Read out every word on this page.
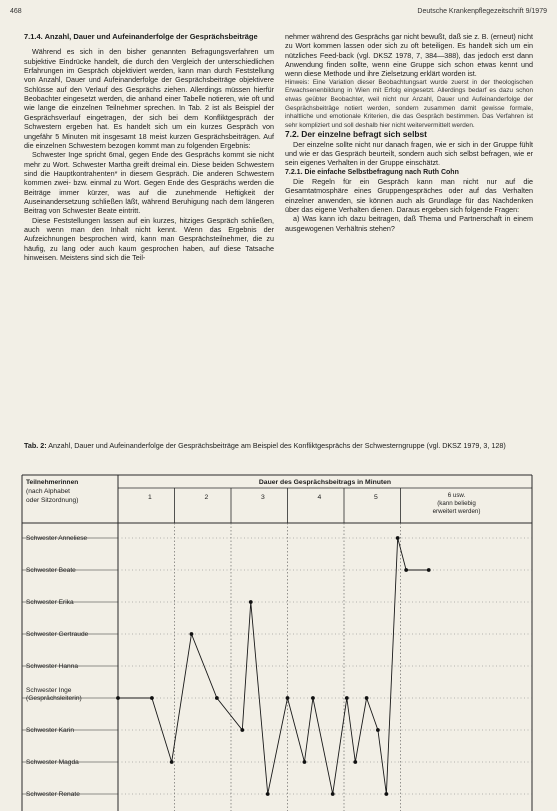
468	Deutsche Krankenpflegezeitschrift 9/1979

7.1.4. Anzahl, Dauer und Aufeinanderfolge der Gesprächsbeiträge

Während es sich in den bisher genannten Befragungsverfahren um subjektive Eindrücke handelt, die durch den Vergleich der unterschiedlichen Erfahrungen im Gespräch objektiviert werden, kann man durch Feststellung von Anzahl, Dauer und Aufeinanderfolge der Gesprächsbeiträge objektivere Schlüsse auf den Verlauf des Gesprächs ziehen. Allerdings müssen hierfür Beobachter eingesetzt werden, die anhand einer Tabelle notieren, wie oft und wie lange die einzelnen Teilnehmer sprechen. In Tab. 2 ist als Beispiel der Gesprächsverlauf eingetragen, der sich bei dem Konfliktgespräch der Schwestern ergeben hat. Es handelt sich um ein kurzes Gespräch von ungefähr 5 Minuten mit insgesamt 18 meist kurzen Gesprächsbeiträgen. Auf die einzelnen Schwestern bezogen kommt man zu folgenden Ergebnis:

Schwester Inge spricht 6mal, gegen Ende des Gesprächs kommt sie nicht mehr zu Wort. Schwester Martha greift dreimal ein. Diese beiden Schwestern sind die Hauptkontrahenten* in diesem Gespräch. Die anderen Schwestern kommen zwei- bzw. einmal zu Wort. Gegen Ende des Gesprächs werden die Beiträge immer kürzer, was auf die zunehmende Heftigkeit der Auseinandersetzung schließen läßt, während Beruhigung nach dem längeren Beitrag von Schwester Beate eintritt.

Diese Feststellungen lassen auf ein kurzes, hitziges Gespräch schließen, auch wenn man den Inhalt nicht kennt. Wenn das Ergebnis der Aufzeichnungen besprochen wird, kann man Gesprächsteilnehmer, die zu häufig, zu lang oder auch kaum gesprochen haben, auf diese Tatsache hinweisen. Meistens sind sich die Teil-

nehmer während des Gesprächs gar nicht bewußt, daß sie z. B. (erneut) nicht zu Wort kommen lassen oder sich zu oft beteiligen. Es handelt sich um ein nützliches Feed-back (vgl. DKSZ 1978, 7, 384—388), das jedoch erst dann Anwendung finden sollte, wenn eine Gruppe sich schon etwas kennt und wenn diese Methode und ihre Zielsetzung erklärt worden ist.

Hinweis: Eine Variation dieser Beobachtungsart wurde zuerst in der theologischen Erwachsenenbildung in Wien mit Erfolg eingesetzt. Allerdings bedarf es dazu schon etwas geübter Beobachter, weil nicht nur Anzahl, Dauer und Aufeinanderfolge der Gesprächsbeiträge notiert werden, sondern zusammen damit gewisse formale, inhaltliche und emotionale Kriterien, die das Gespräch bestimmen. Das Verfahren ist sehr kompliziert und soll deshalb hier nicht weitervermittelt werden.

7.2. Der einzelne befragt sich selbst

Der einzelne sollte nicht nur danach fragen, wie er sich in der Gruppe fühlt und wie er das Gespräch beurteilt, sondern auch sich selbst befragen, wie er sein eigenes Verhalten in der Gruppe einschätzt.

7.2.1. Die einfache Selbstbefragung nach Ruth Cohn

Die Regeln für ein Gespräch kann man nicht nur auf die Gesamtatmosphäre eines Gruppengespräches oder auf das Verhalten einzelner anwenden, sie können auch als Grundlage für das Nachdenken über das eigene Verhalten dienen. Daraus ergeben sich folgende Fragen:

a) Was kann ich dazu beitragen, daß Thema und Partnerschaft in einem ausgewogenen Verhältnis stehen?

Tab. 2: Anzahl, Dauer und Aufeinanderfolge der Gesprächsbeiträge am Beispiel des Konfliktgesprächs der Schwesterngruppe (vgl. DKSZ 1979, 3, 128)
Teilnehmerinnen
(nach Alphabet
oder Sitzordnung)
Dauer des Gesprächsbeitrags in Minuten
1	2	3	4	5	6 usw.
(kann beliebig
erweitert werden)
Schwester Anneliese
Schwester Beate
Schwester Erika
Schwester Gertraude
Schwester Hanna
Schwester Inge
(Gesprächsleiterin)
Schwester Karin
Schwester Magda
Schwester Renate
